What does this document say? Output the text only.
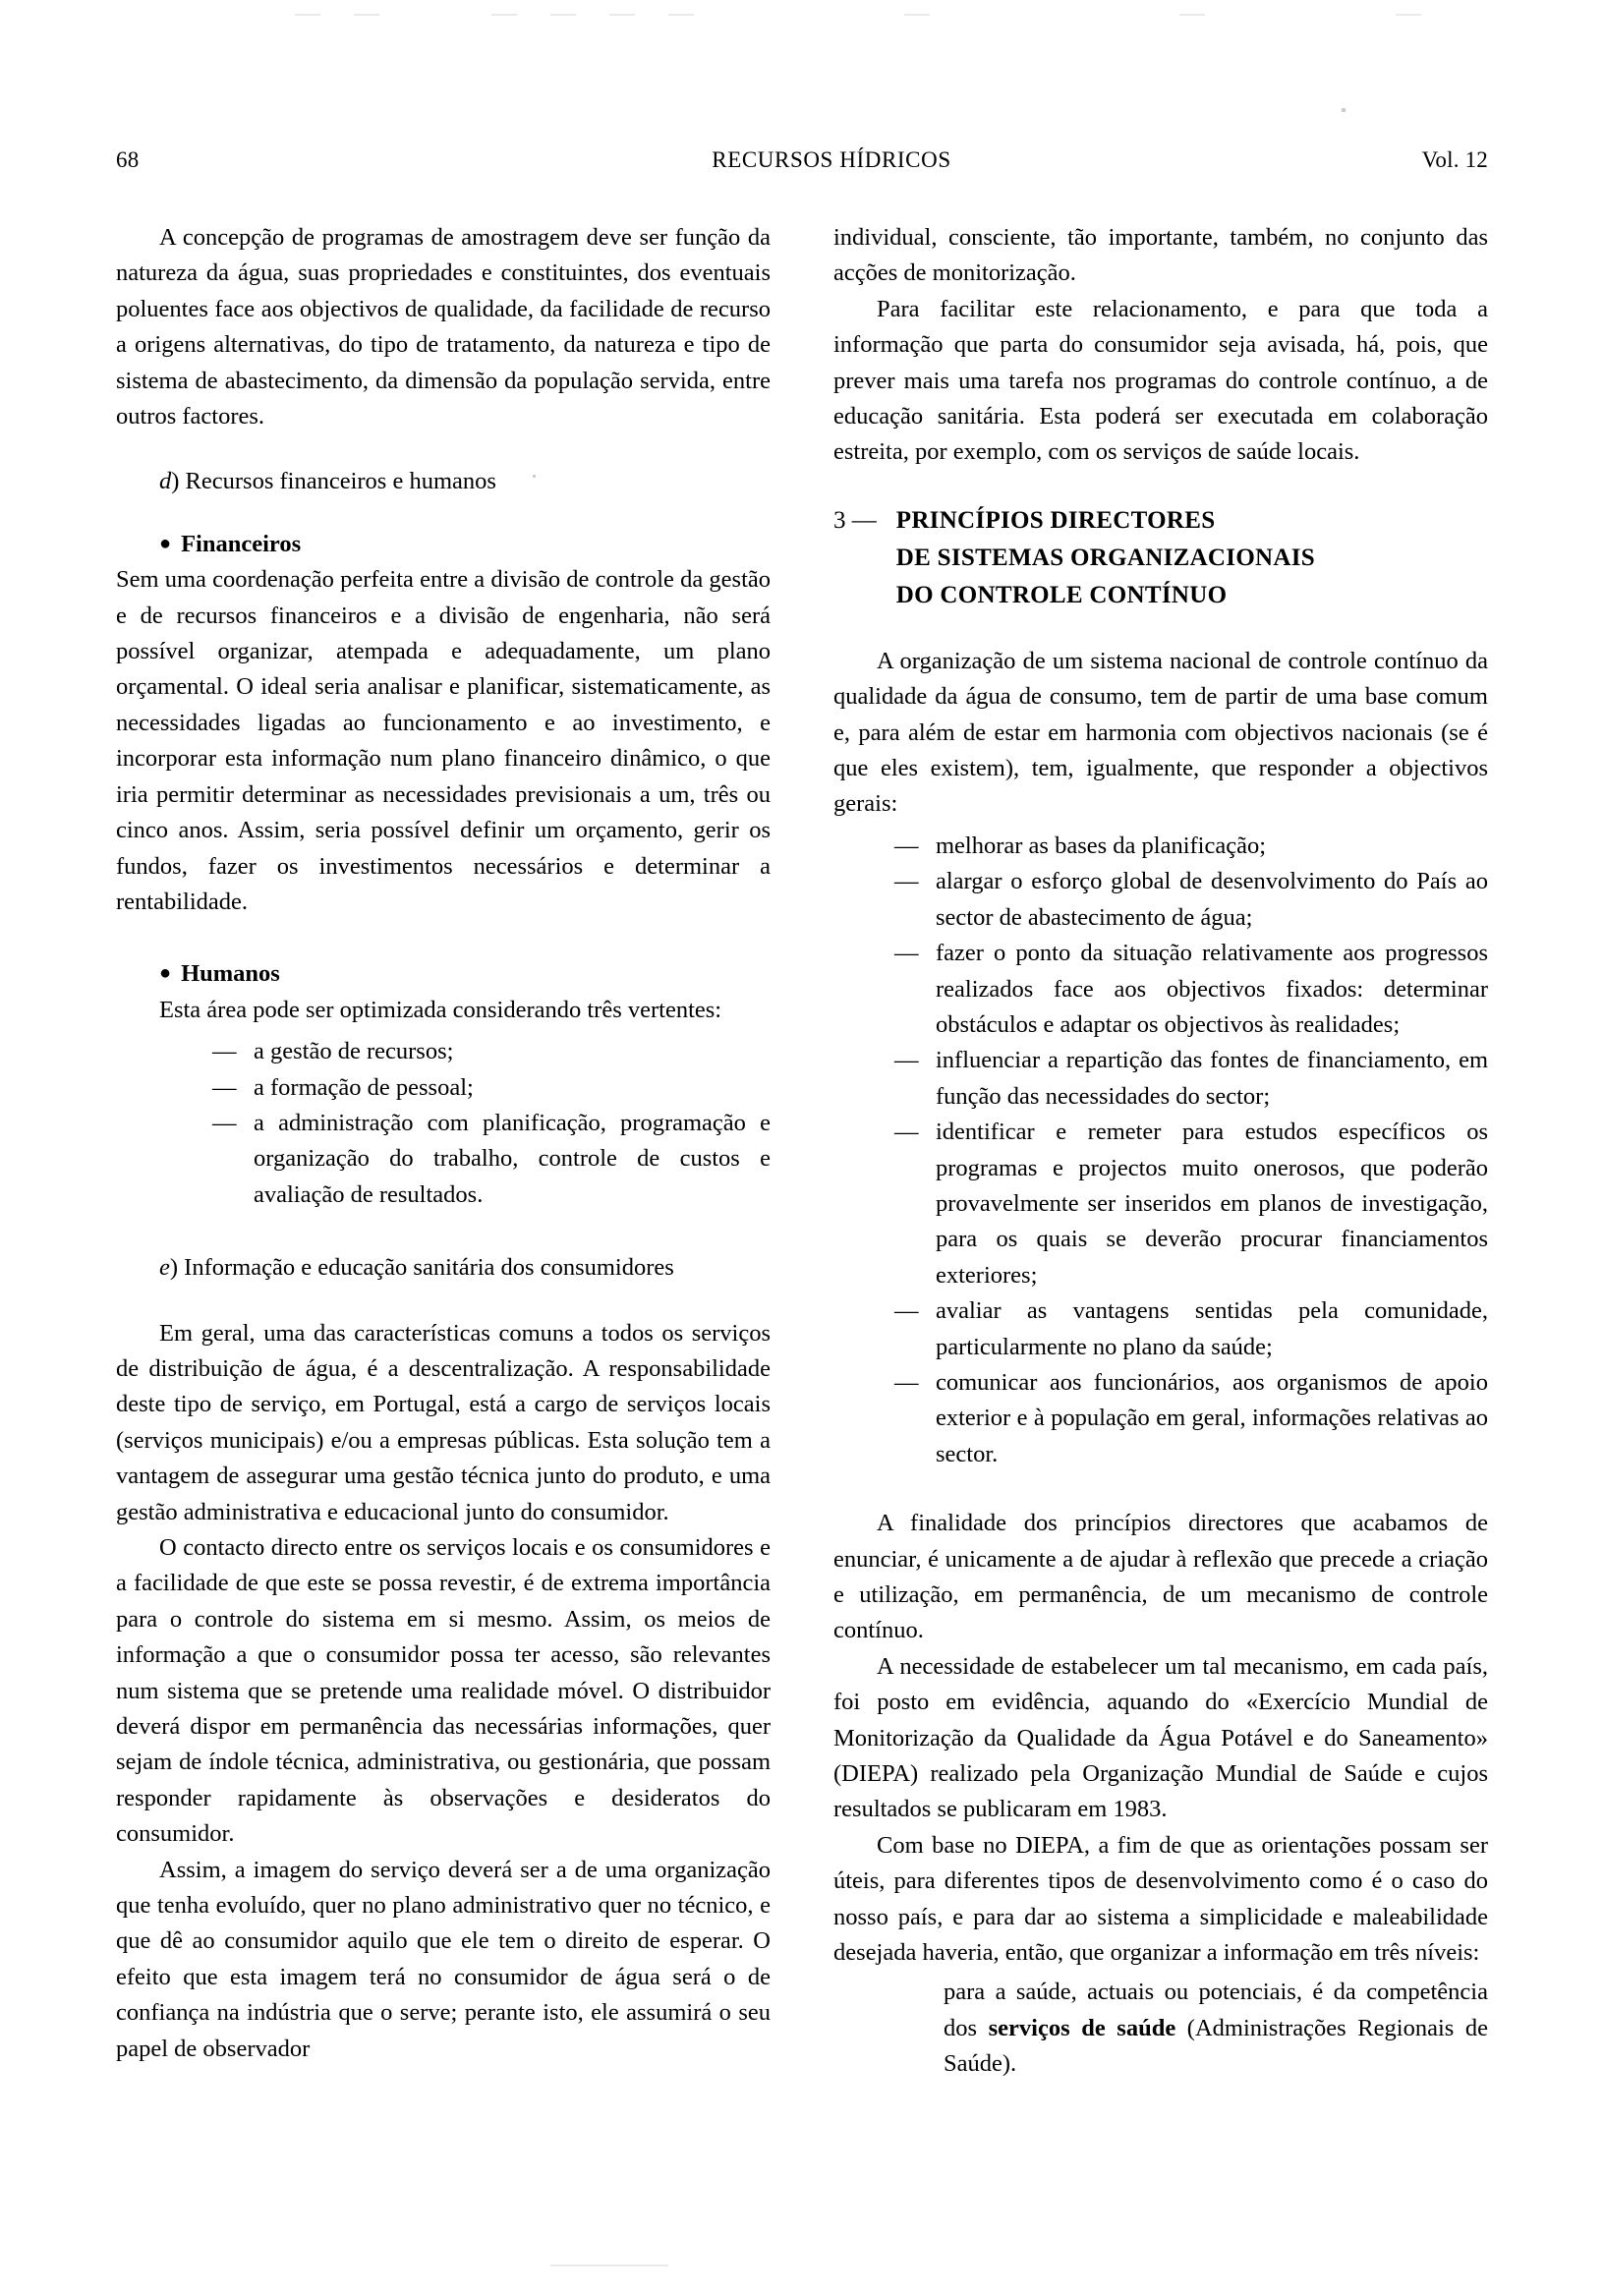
68	RECURSOS HÍDRICOS	Vol. 12

A concepção de programas de amostragem deve ser função da natureza da água, suas propriedades e constituintes, dos eventuais poluentes face aos objectivos de qualidade, da facilidade de recurso a origens alternativas, do tipo de tratamento, da natureza e tipo de sistema de abastecimento, da dimensão da população servida, entre outros factores.

d) Recursos financeiros e humanos
● Financeiros

Sem uma coordenação perfeita entre a divisão de controle da gestão e de recursos financeiros e a divisão de engenharia, não será possível organizar, atempada e adequadamente, um plano orçamental. O ideal seria analisar e planificar, sistematicamente, as necessidades ligadas ao funcionamento e ao investimento, e incorporar esta informação num plano financeiro dinâmico, o que iria permitir determinar as necessidades previsionais a um, três ou cinco anos. Assim, seria possível definir um orçamento, gerir os fundos, fazer os investimentos necessários e determinar a rentabilidade.

● Humanos

Esta área pode ser optimizada considerando três vertentes:

— a gestão de recursos;
— a formação de pessoal;
— a administração com planificação, programação e organização do trabalho, controle de custos e avaliação de resultados.
e) Informação e educação sanitária dos consumidores

Em geral, uma das características comuns a todos os serviços de distribuição de água, é a descentralização. A responsabilidade deste tipo de serviço, em Portugal, está a cargo de serviços locais (serviços municipais) e/ou a empresas públicas. Esta solução tem a vantagem de assegurar uma gestão técnica junto do produto, e uma gestão administrativa e educacional junto do consumidor.

O contacto directo entre os serviços locais e os consumidores e a facilidade de que este se possa revestir, é de extrema importância para o controle do sistema em si mesmo. Assim, os meios de informação a que o consumidor possa ter acesso, são relevantes num sistema que se pretende uma realidade móvel. O distribuidor deverá dispor em permanência das necessárias informações, quer sejam de índole técnica, administrativa, ou gestionária, que possam responder rapidamente às observações e desideratos do consumidor.

Assim, a imagem do serviço deverá ser a de uma organização que tenha evoluído, quer no plano administrativo quer no técnico, e que dê ao consumidor aquilo que ele tem o direito de esperar. O efeito que esta imagem terá no consumidor de água será o de confiança na indústria que o serve; perante isto, ele assumirá o seu papel de observador

individual, consciente, tão importante, também, no conjunto das acções de monitorização.

Para facilitar este relacionamento, e para que toda a informação que parta do consumidor seja avisada, há, pois, que prever mais uma tarefa nos programas do controle contínuo, a de educação sanitária. Esta poderá ser executada em colaboração estreita, por exemplo, com os serviços de saúde locais.

3 — PRINCÍPIOS DIRECTORES
DE SISTEMAS ORGANIZACIONAIS
DO CONTROLE CONTÍNUO

A organização de um sistema nacional de controle contínuo da qualidade da água de consumo, tem de partir de uma base comum e, para além de estar em harmonia com objectivos nacionais (se é que eles existem), tem, igualmente, que responder a objectivos gerais:

— melhorar as bases da planificação;
— alargar o esforço global de desenvolvimento do País ao sector de abastecimento de água;
— fazer o ponto da situação relativamente aos progressos realizados face aos objectivos fixados: determinar obstáculos e adaptar os objectivos às realidades;
— influenciar a repartição das fontes de financiamento, em função das necessidades do sector;
— identificar e remeter para estudos específicos os programas e projectos muito onerosos, que poderão provavelmente ser inseridos em planos de investigação, para os quais se deverão procurar financiamentos exteriores;
— avaliar as vantagens sentidas pela comunidade, particularmente no plano da saúde;
— comunicar aos funcionários, aos organismos de apoio exterior e à população em geral, informações relativas ao sector.

A finalidade dos princípios directores que acabamos de enunciar, é unicamente a de ajudar à reflexão que precede a criação e utilização, em permanência, de um mecanismo de controle contínuo.

A necessidade de estabelecer um tal mecanismo, em cada país, foi posto em evidência, aquando do «Exercício Mundial de Monitorização da Qualidade da Água Potável e do Saneamento» (DIEPA) realizado pela Organização Mundial de Saúde e cujos resultados se publicaram em 1983.

Com base no DIEPA, a fim de que as orientações possam ser úteis, para diferentes tipos de desenvolvimento como é o caso do nosso país, e para dar ao sistema a simplicidade e maleabilidade desejada haveria, então, que organizar a informação em três níveis:

para a saúde, actuais ou potenciais, é da competência dos serviços de saúde (Administrações Regionais de Saúde).
